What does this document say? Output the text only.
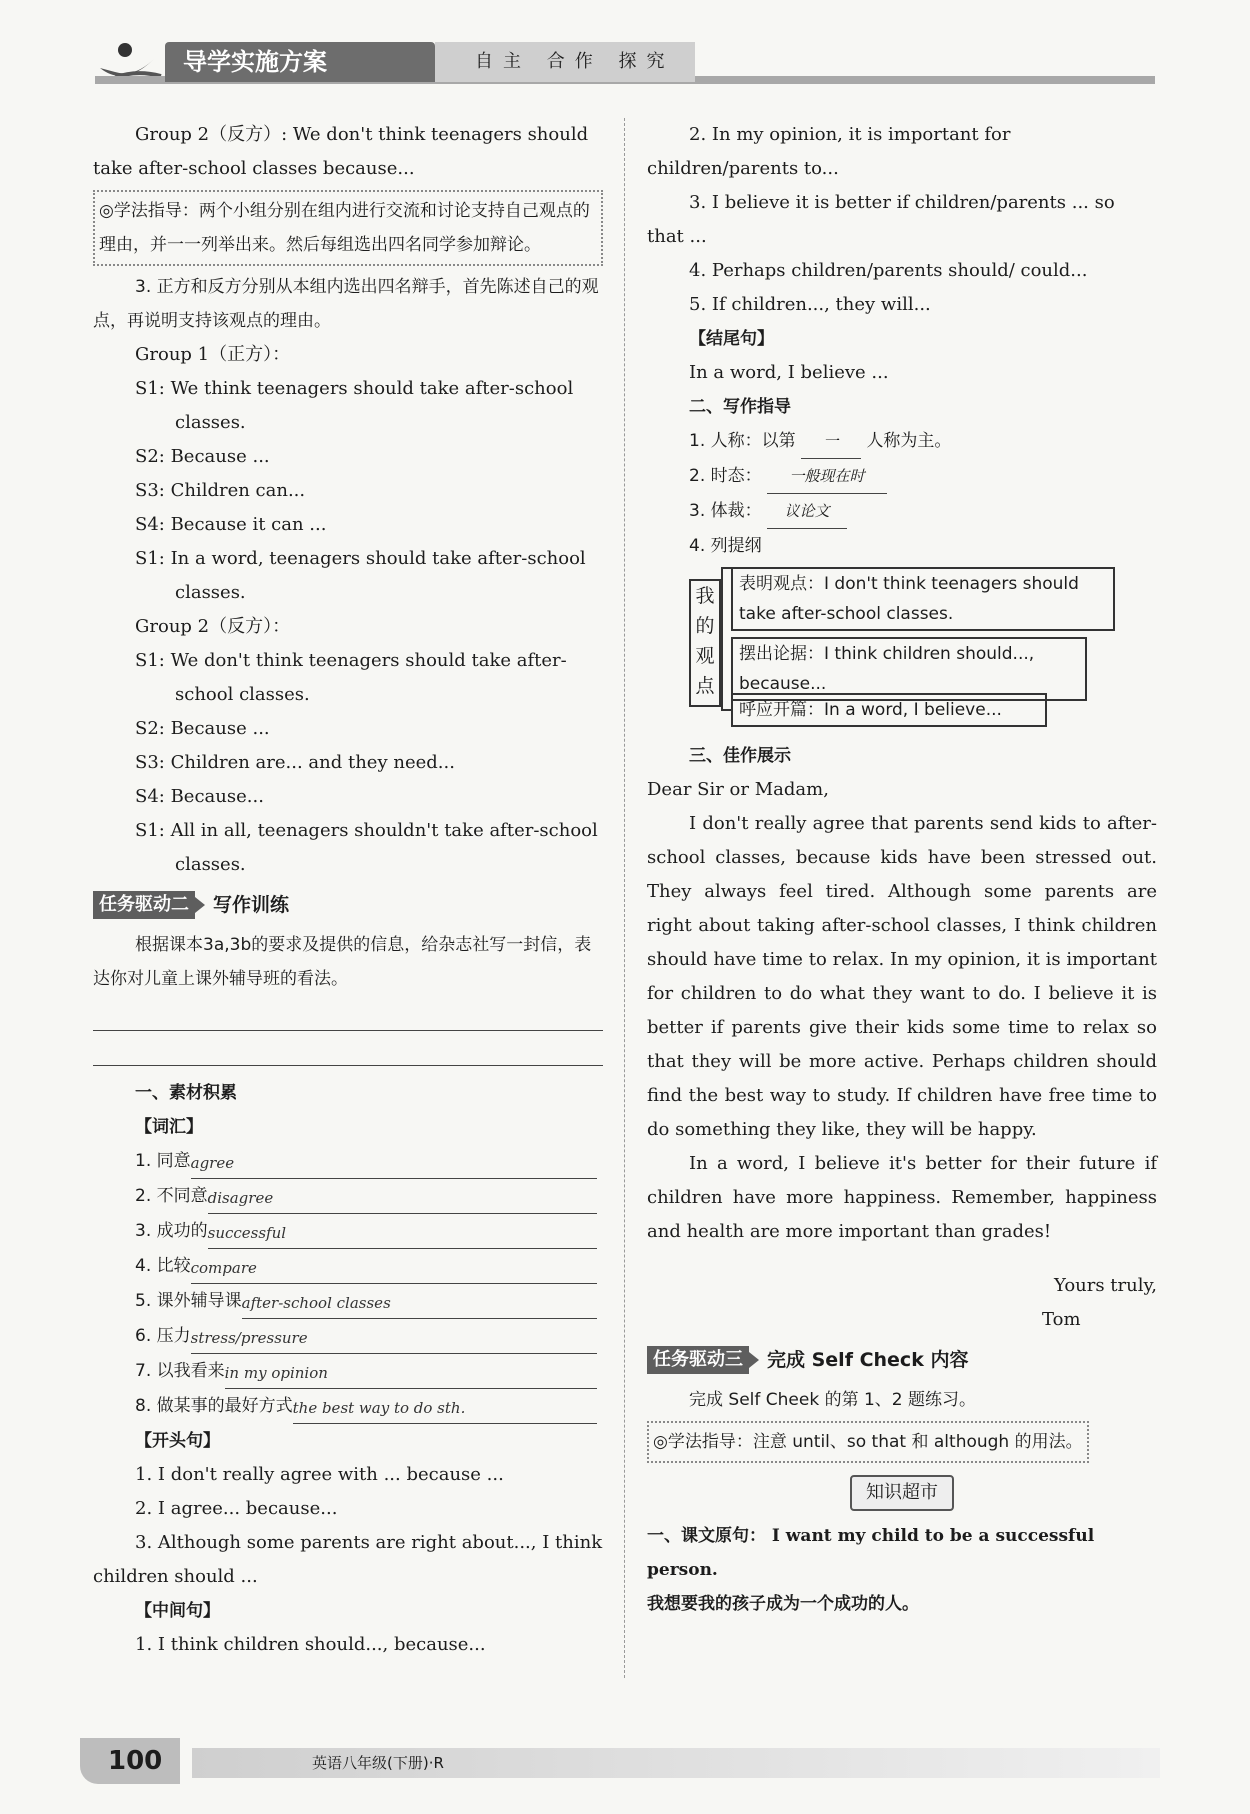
导学实施方案	自主 合作 探究

Group 2（反方）: We don't think teenagers should take after-school classes because...

◎学法指导：两个小组分别在组内进行交流和讨论支持自己观点的理由，并一一列举出来。然后每组选出四名同学参加辩论。

3. 正方和反方分别从本组内选出四名辩手，首先陈述自己的观点，再说明支持该观点的理由。

Group 1（正方）：

S1: We think teenagers should take after-school classes.

S2: Because ...

S3: Children can...

S4: Because it can ...

S1: In a word, teenagers should take after-school classes.

Group 2（反方）：

S1: We don't think teenagers should take after-school classes.

S2: Because ...

S3: Children are... and they need...

S4: Because...

S1: All in all, teenagers shouldn't take after-school classes.

任务驱动二	写作训练

根据课本3a,3b的要求及提供的信息，给杂志社写一封信，表达你对儿童上课外辅导班的看法。

一、素材积累

【词汇】

1. 同意 agree
2. 不同意 disagree
3. 成功的 successful
4. 比较 compare
5. 课外辅导课 after-school classes
6. 压力 stress/pressure
7. 以我看来 in my opinion
8. 做某事的最好方式 the best way to do sth.

【开头句】

1. I don't really agree with ... because ...

2. I agree... because...

3. Although some parents are right about..., I think children should ...

【中间句】

1. I think children should..., because...

2. In my opinion, it is important for children/parents to...

3. I believe it is better if children/parents ... so that ...

4. Perhaps children/parents should/ could...

5. If children..., they will...

【结尾句】

In a word, I believe ...

二、写作指导

1. 人称：以第 一 人称为主。

2. 时态： 一般现在时

3. 体裁： 议论文

4. 列提纲

我的观点
表明观点：I don't think teenagers should take after-school classes.
摆出论据：I think children should..., because...
呼应开篇：In a word, I believe...

三、佳作展示

Dear Sir or Madam,

I don't really agree that parents send kids to after-school classes, because kids have been stressed out. They always feel tired. Although some parents are right about taking after-school classes, I think children should have time to relax. In my opinion, it is important for children to do what they want to do. I believe it is better if parents give their kids some time to relax so that they will be more active. Perhaps children should find the best way to study. If children have free time to do something they like, they will be happy.

In a word, I believe it's better for their future if children have more happiness. Remember, happiness and health are more important than grades!

Yours truly,

Tom

任务驱动三	完成 Self Check 内容

完成 Self Cheek 的第 1、2 题练习。

◎学法指导：注意 until、so that 和 although 的用法。
知识超市

一、课文原句： I want my child to be a successful person.

我想要我的孩子成为一个成功的人。

100	英语八年级(下册)·R
